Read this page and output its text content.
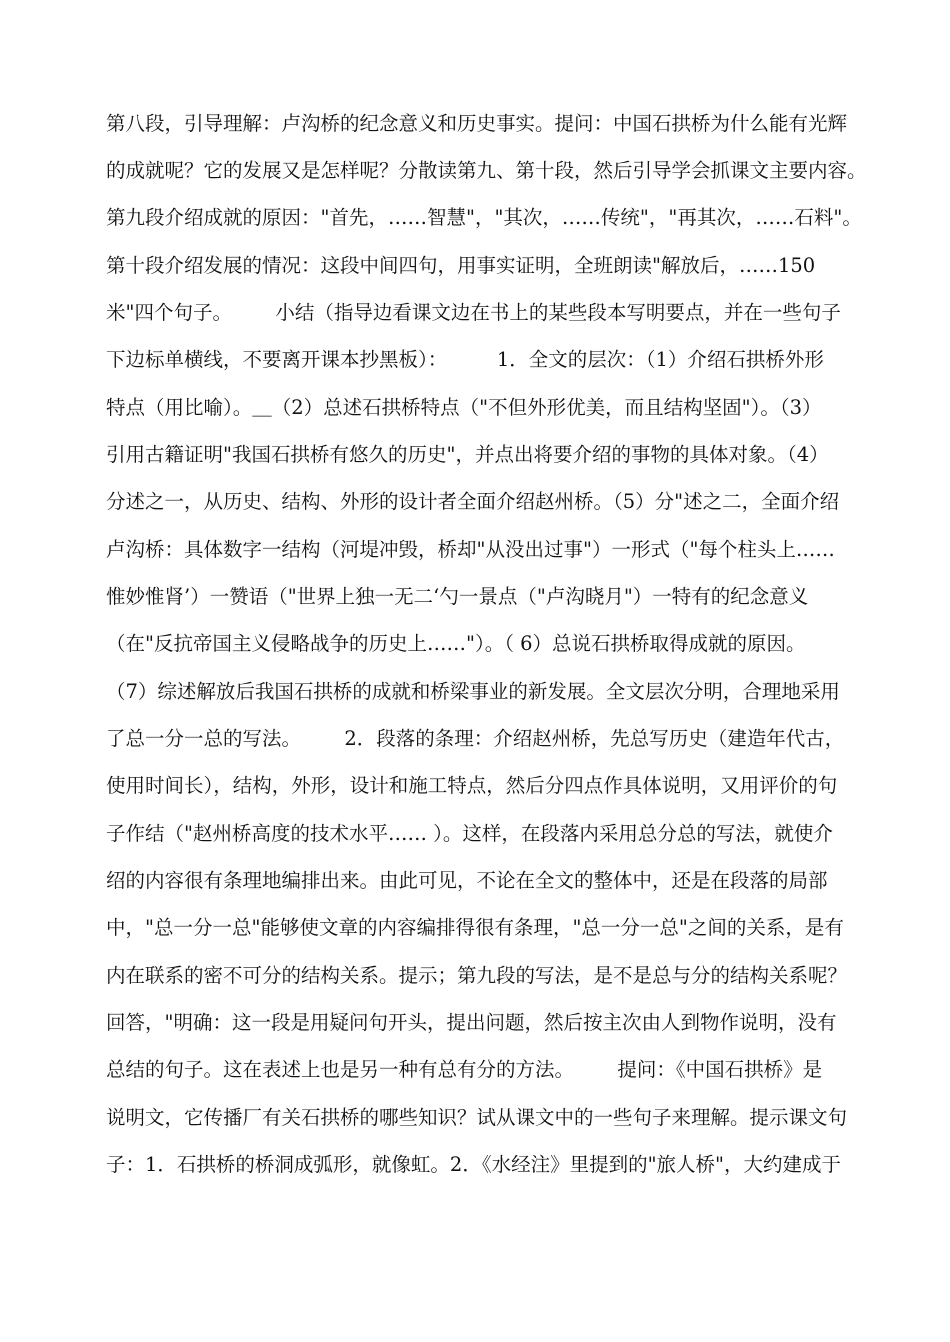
第八段，引导理解：卢沟桥的纪念意义和历史事实。提问：中国石拱桥为什么能有光辉
的成就呢？它的发展又是怎样呢？分散读第九、第十段，然后引导学会抓课文主要内容。
第九段介绍成就的原因："首先，……智慧"，"其次，……传统"，"再其次，……石料"。
第十段介绍发展的情况：这段中间四句，用事实证明，全班朗读"解放后，……150
米"四个句子。       小结（指导边看课文边在书上的某些段本写明要点，并在一些句子
下边标单横线，不要离开课本抄黑板）：        1．全文的层次：（1）介绍石拱桥外形
特点（用比喻）。＿（2）总述石拱桥特点（"不但外形优美，而且结构坚固"）。（3）
引用古籍证明"我国石拱桥有悠久的历史"，并点出将要介绍的事物的具体对象。（4）
分述之一，从历史、结构、外形的设计者全面介绍赵州桥。（5）分"述之二，全面介绍
卢沟桥：具体数字一结构（河堤冲毁，桥却"从没出过事"）一形式（"每个柱头上……
惟妙惟肾’）一赞语（"世界上独一无二‘勺一景点（"卢沟晓月"）一特有的纪念意义
（在"反抗帝国主义侵略战争的历史上……"）。（ 6）总说石拱桥取得成就的原因。
（7）综述解放后我国石拱桥的成就和桥梁事业的新发展。全文层次分明，合理地采用
了总一分一总的写法。       2．段落的条理：介绍赵州桥，先总写历史（建造年代古，
使用时间长），结构，外形，设计和施工特点，然后分四点作具体说明，又用评价的句
子作结（"赵州桥高度的技术水平…… ）。这样，在段落内采用总分总的写法，就使介
绍的内容很有条理地编排出来。由此可见，不论在全文的整体中，还是在段落的局部
中，"总一分一总"能够使文章的内容编排得很有条理，"总一分一总"之间的关系，是有
内在联系的密不可分的结构关系。提示；第九段的写法，是不是总与分的结构关系呢？
回答，"明确：这一段是用疑问句开头，提出问题，然后按主次由人到物作说明，没有
总结的句子。这在表述上也是另一种有总有分的方法。       提问：《中国石拱桥》是
说明文，它传播厂有关石拱桥的哪些知识？试从课文中的一些句子来理解。提示课文句
子：1．石拱桥的桥洞成弧形，就像虹。2．《水经注》里提到的"旅人桥"，大约建成于
